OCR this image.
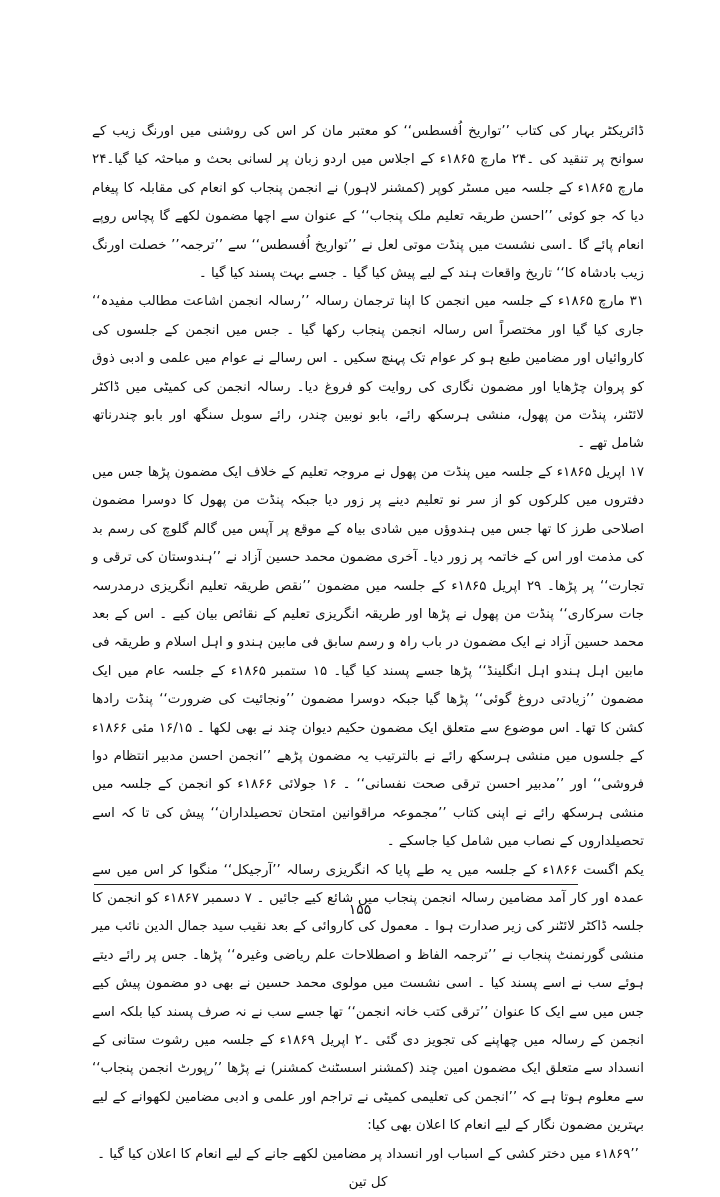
ڈائریکٹر بہار کی کتاب ’’تواریخ اُفسطس‘‘ کو معتبر مان کر اس کی روشنی میں اورنگ زیب کے سوانح پر تنقید کی ۔۲۴ مارچ ۱۸۶۵ء کے اجلاس میں اردو زبان پر لسانی بحث و مباحثہ کیا گیا۔۲۴ مارچ ۱۸۶۵ء کے جلسہ میں مسٹر کوپر (کمشنر لاہور) نے انجمن پنجاب کو انعام کی مقابلہ کا پیغام دیا کہ جو کوئی ’’احسن طریقہ تعلیم ملک پنجاب‘‘ کے عنوان سے اچھا مضمون لکھے گا پچاس روپے انعام پائے گا ۔اسی نشست میں پنڈت موتی لعل نے ’’تواریخ اُفسطس‘‘ سے ’’ترجمہ’’ خصلت اورنگ زیب بادشاہ کا‘‘ تاریخ واقعات ہند کے لیے پیش کیا گیا ۔ جسے بہت پسند کیا گیا ۔

۳۱ مارچ ۱۸۶۵ء کے جلسہ میں انجمن کا اپنا ترجمان رسالہ ’’رسالہ انجمن اشاعت مطالب مفیدہ‘‘ جاری کیا گیا اور مختصراً اس رسالہ انجمن پنجاب رکھا گیا ۔ جس میں انجمن کے جلسوں کی کاروائیاں اور مضامین طبع ہو کر عوام تک پہنچ سکیں ۔ اس رسالے نے عوام میں علمی و ادبی ذوق کو پروان چڑھایا اور مضمون نگاری کی روایت کو فروغ دیا۔ رسالہ انجمن کی کمیٹی میں ڈاکٹر لائٹنر، پنڈت من پھول، منشی ہرسکھ رائے، بابو نوبین چندر، رائے سوبل سنگھ اور بابو چندرناتھ شامل تھے ۔

۱۷ اپریل ۱۸۶۵ء کے جلسہ میں پنڈت من پھول نے مروجہ تعلیم کے خلاف ایک مضمون پڑھا جس میں دفتروں میں کلرکوں کو از سر نو تعلیم دینے پر زور دیا جبکہ پنڈت من پھول کا دوسرا مضمون اصلاحی طرز کا تھا جس میں ہندوؤں میں شادی بیاہ کے موقع پر آپس میں گالم گلوچ کی رسم بد کی مذمت اور اس کے خاتمہ پر زور دیا۔ آخری مضمون محمد حسین آزاد نے ’’ہندوستان کی ترقی و تجارت‘‘ پر پڑھا۔ ۲۹ اپریل ۱۸۶۵ء کے جلسہ میں مضمون ’’نقص طریقہ تعلیم انگریزی درمدرسہ جات سرکاری‘‘ پنڈت من پھول نے پڑھا اور طریقہ انگریزی تعلیم کے نقائص بیان کیے ۔ اس کے بعد محمد حسین آزاد نے ایک مضمون در باب راہ و رسم سابق فی مابین ہندو و اہل اسلام و طریقہ فی مابین اہل ہندو اہل انگلینڈ‘‘ پڑھا جسے پسند کیا گیا۔ ۱۵ ستمبر ۱۸۶۵ء کے جلسہ عام میں ایک مضمون ’’زیادتی دروغ گوئی‘‘ پڑھا گیا جبکہ دوسرا مضمون ’’ونجائیت کی ضرورت‘‘ پنڈت رادھا کشن کا تھا۔ اس موضوع سے متعلق ایک مضمون حکیم دیوان چند نے بھی لکھا ۔ ۱۶/۱۵ مئی ۱۸۶۶ء کے جلسوں میں منشی ہرسکھ رائے نے بالترتیب یہ مضمون پڑھے ’’انجمن احسن مدبیر انتظام دوا فروشی‘‘ اور ’’مدبیر احسن ترقی صحت نفسانی‘‘ ۔ ۱۶ جولائی ۱۸۶۶ء کو انجمن کے جلسہ میں منشی ہرسکھ رائے نے اپنی کتاب ’’مجموعہ مراقوانین امتحان تحصیلداران‘‘ پیش کی تا کہ اسے تحصیلداروں کے نصاب میں شامل کیا جاسکے ۔

یکم اگست ۱۸۶۶ء کے جلسہ میں یہ طے پایا کہ انگریزی رسالہ ’’آرجیکل‘‘ منگوا کر اس میں سے عمدہ اور کار آمد مضامین رسالہ انجمن پنجاب میں شائع کیے جائیں ۔ ۷ دسمبر ۱۸۶۷ء کو انجمن کا جلسہ ڈاکٹر لائٹنر کی زیر صدارت ہوا ۔ معمول کی کاروائی کے بعد نقیب سید جمال الدین نائب میر منشی گورنمنٹ پنجاب نے ’’ترجمہ الفاظ و اصطلاحات علم ریاضی وغیرہ‘‘ پڑھا۔ جس پر رائے دیتے ہوئے سب نے اسے پسند کیا ۔ اسی نشست میں مولوی محمد حسین نے بھی دو مضمون پیش کیے جس میں سے ایک کا عنوان ’’ترقی کتب خانہ انجمن‘‘ تھا جسے سب نے نہ صرف پسند کیا بلکہ اسے انجمن کے رسالہ میں چھاپنے کی تجویز دی گئی ۔۲ اپریل ۱۸۶۹ء کے جلسہ میں رشوت ستانی کے انسداد سے متعلق ایک مضمون امین چند (کمشنر اسسٹنٹ کمشنر) نے پڑھا ’’رپورٹ انجمن پنجاب‘‘ سے معلوم ہوتا ہے کہ ’’انجمن کی تعلیمی کمیٹی نے تراجم اور علمی و ادبی مضامین لکھوانے کے لیے بہترین مضمون نگار کے لیے انعام کا اعلان بھی کیا:

’’۱۸۶۹ء میں دختر کشی کے اسباب اور انسداد پر مضامین لکھے جانے کے لیے انعام کا اعلان کیا گیا ۔کل تین

۱۵۵
